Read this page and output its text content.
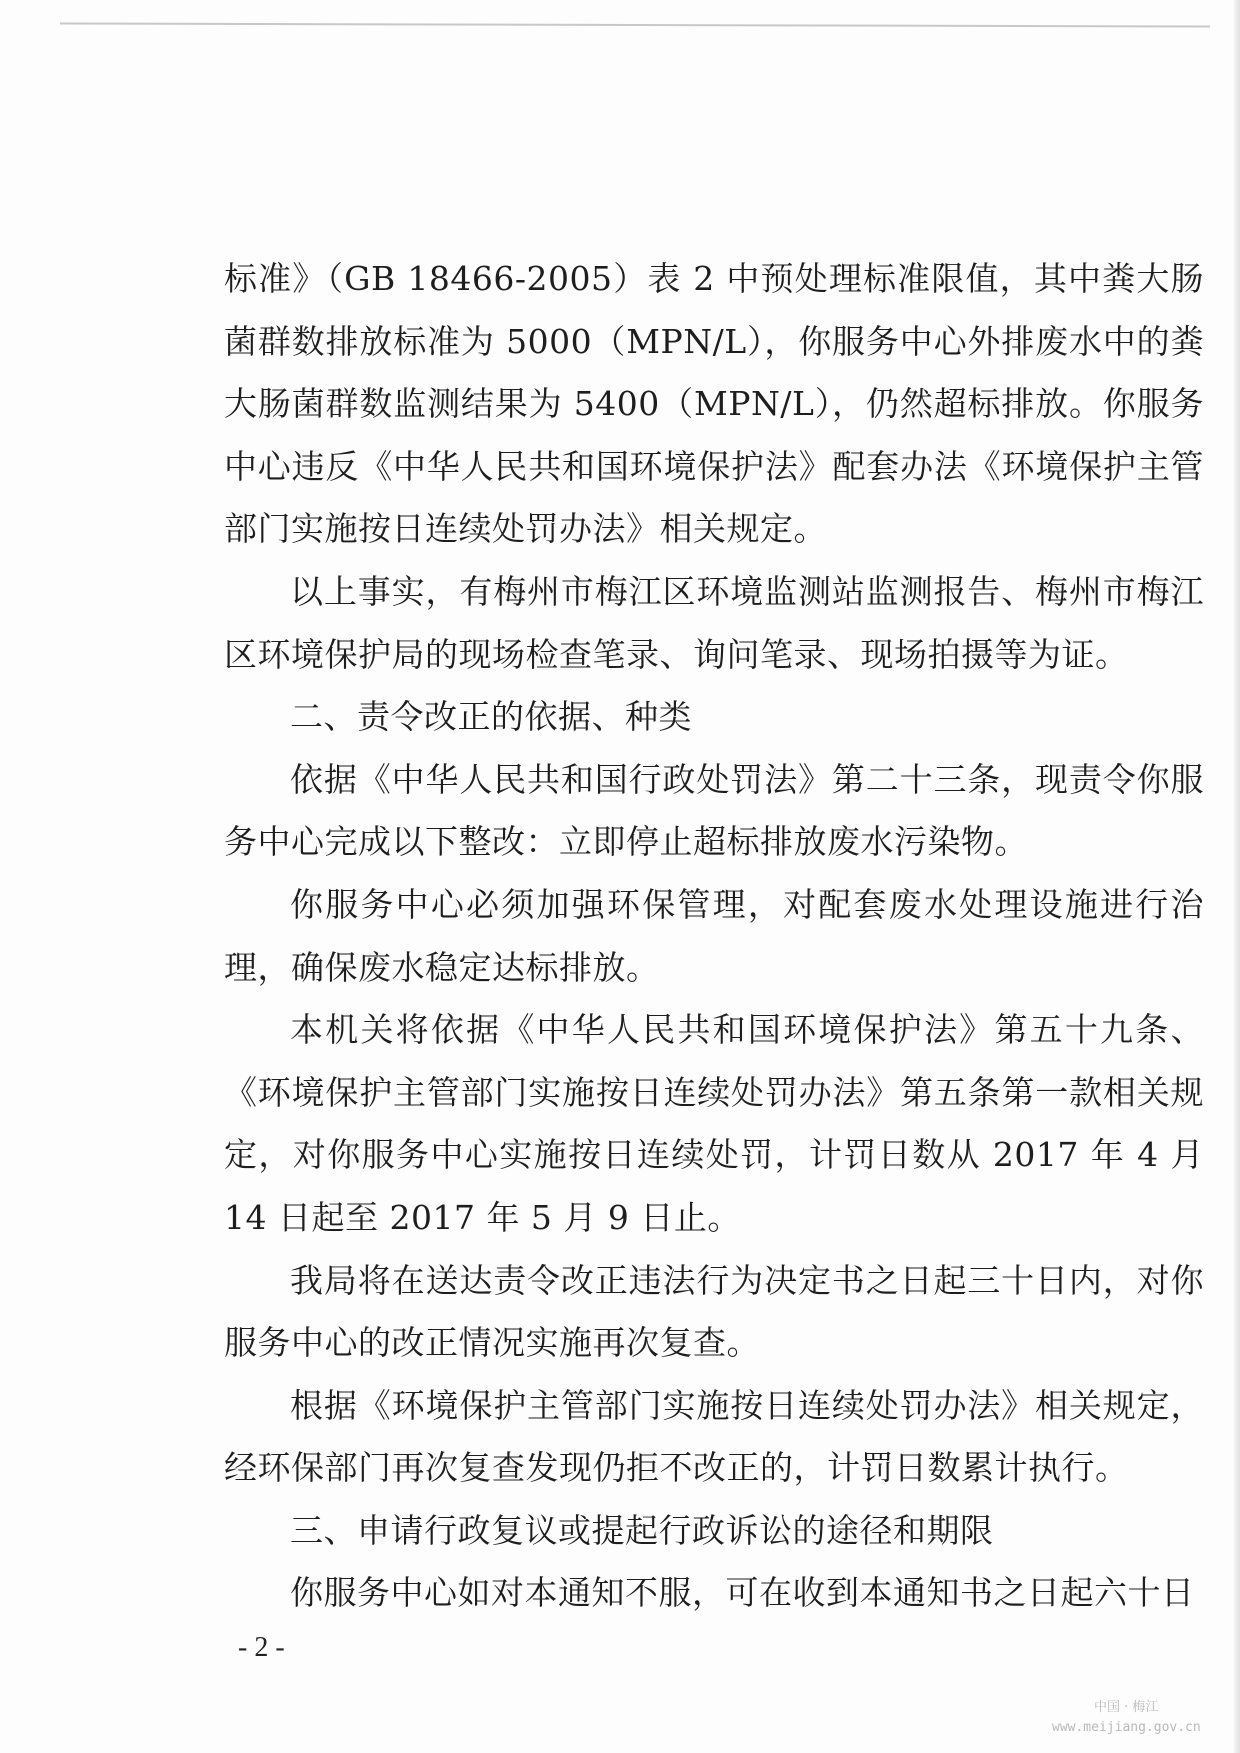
标准》（GB 18466-2005）表 2 中预处理标准限值，其中粪大肠菌群数排放标准为 5000（MPN/L），你服务中心外排废水中的粪大肠菌群数监测结果为 5400（MPN/L），仍然超标排放。你服务中心违反《中华人民共和国环境保护法》配套办法《环境保护主管部门实施按日连续处罚办法》相关规定。

以上事实，有梅州市梅江区环境监测站监测报告、梅州市梅江区环境保护局的现场检查笔录、询问笔录、现场拍摄等为证。

二、责令改正的依据、种类

依据《中华人民共和国行政处罚法》第二十三条，现责令你服务中心完成以下整改：立即停止超标排放废水污染物。

你服务中心必须加强环保管理，对配套废水处理设施进行治理，确保废水稳定达标排放。

本机关将依据《中华人民共和国环境保护法》第五十九条、《环境保护主管部门实施按日连续处罚办法》第五条第一款相关规定，对你服务中心实施按日连续处罚，计罚日数从 2017 年 4 月 14 日起至 2017 年 5 月 9 日止。

我局将在送达责令改正违法行为决定书之日起三十日内，对你服务中心的改正情况实施再次复查。

根据《环境保护主管部门实施按日连续处罚办法》相关规定，经环保部门再次复查发现仍拒不改正的，计罚日数累计执行。

三、申请行政复议或提起行政诉讼的途径和期限

你服务中心如对本通知不服，可在收到本通知书之日起六十日

- 2 -
中国 · 梅江
www.meijiang.gov.cn
